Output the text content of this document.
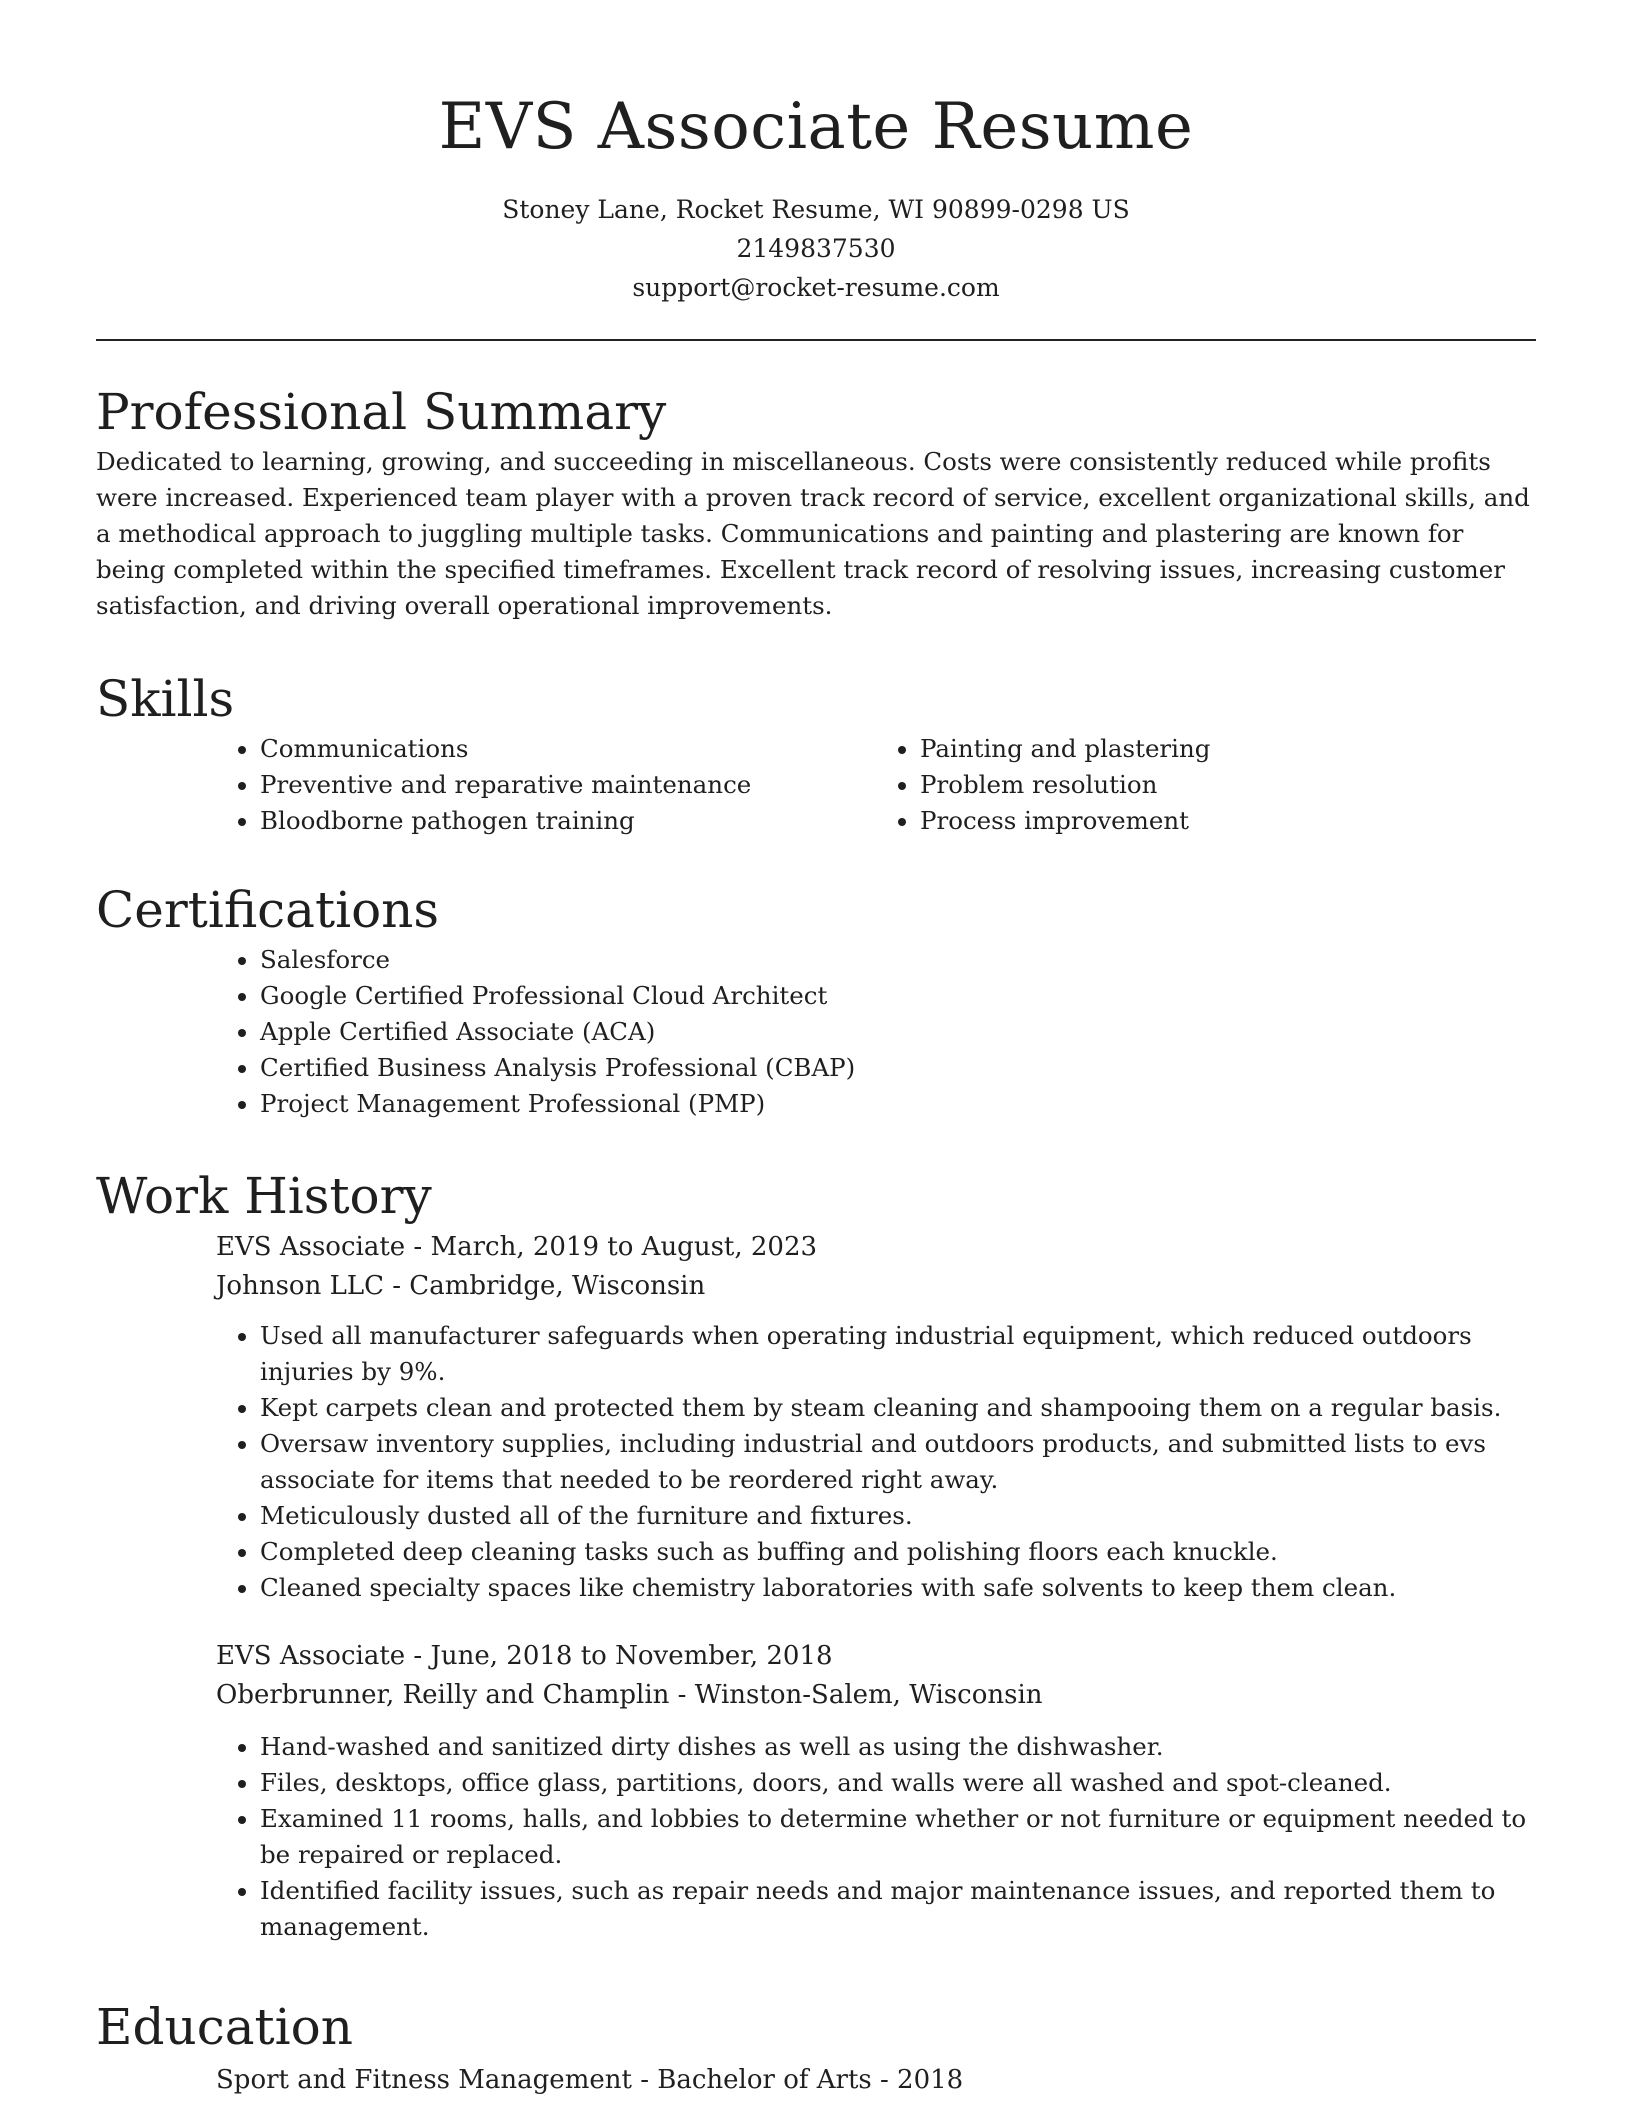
EVS Associate Resume
Stoney Lane, Rocket Resume, WI 90899-0298 US
2149837530
support@rocket-resume.com
Professional Summary

Dedicated to learning, growing, and succeeding in miscellaneous. Costs were consistently reduced while profits were increased. Experienced team player with a proven track record of service, excellent organizational skills, and a methodical approach to juggling multiple tasks. Communications and painting and plastering are known for being completed within the specified timeframes. Excellent track record of resolving issues, increasing customer satisfaction, and driving overall operational improvements.

Skills
• Communications
• Preventive and reparative maintenance
• Bloodborne pathogen training
• Painting and plastering
• Problem resolution
• Process improvement
Certifications
• Salesforce
• Google Certified Professional Cloud Architect
• Apple Certified Associate (ACA)
• Certified Business Analysis Professional (CBAP)
• Project Management Professional (PMP)
Work History
EVS Associate - March, 2019 to August, 2023
Johnson LLC - Cambridge, Wisconsin
• Used all manufacturer safeguards when operating industrial equipment, which reduced outdoors injuries by 9%.
• Kept carpets clean and protected them by steam cleaning and shampooing them on a regular basis.
• Oversaw inventory supplies, including industrial and outdoors products, and submitted lists to evs associate for items that needed to be reordered right away.
• Meticulously dusted all of the furniture and fixtures.
• Completed deep cleaning tasks such as buffing and polishing floors each knuckle.
• Cleaned specialty spaces like chemistry laboratories with safe solvents to keep them clean.
EVS Associate - June, 2018 to November, 2018
Oberbrunner, Reilly and Champlin - Winston-Salem, Wisconsin
• Hand-washed and sanitized dirty dishes as well as using the dishwasher.
• Files, desktops, office glass, partitions, doors, and walls were all washed and spot-cleaned.
• Examined 11 rooms, halls, and lobbies to determine whether or not furniture or equipment needed to be repaired or replaced.
• Identified facility issues, such as repair needs and major maintenance issues, and reported them to management.
Education
Sport and Fitness Management - Bachelor of Arts - 2018
